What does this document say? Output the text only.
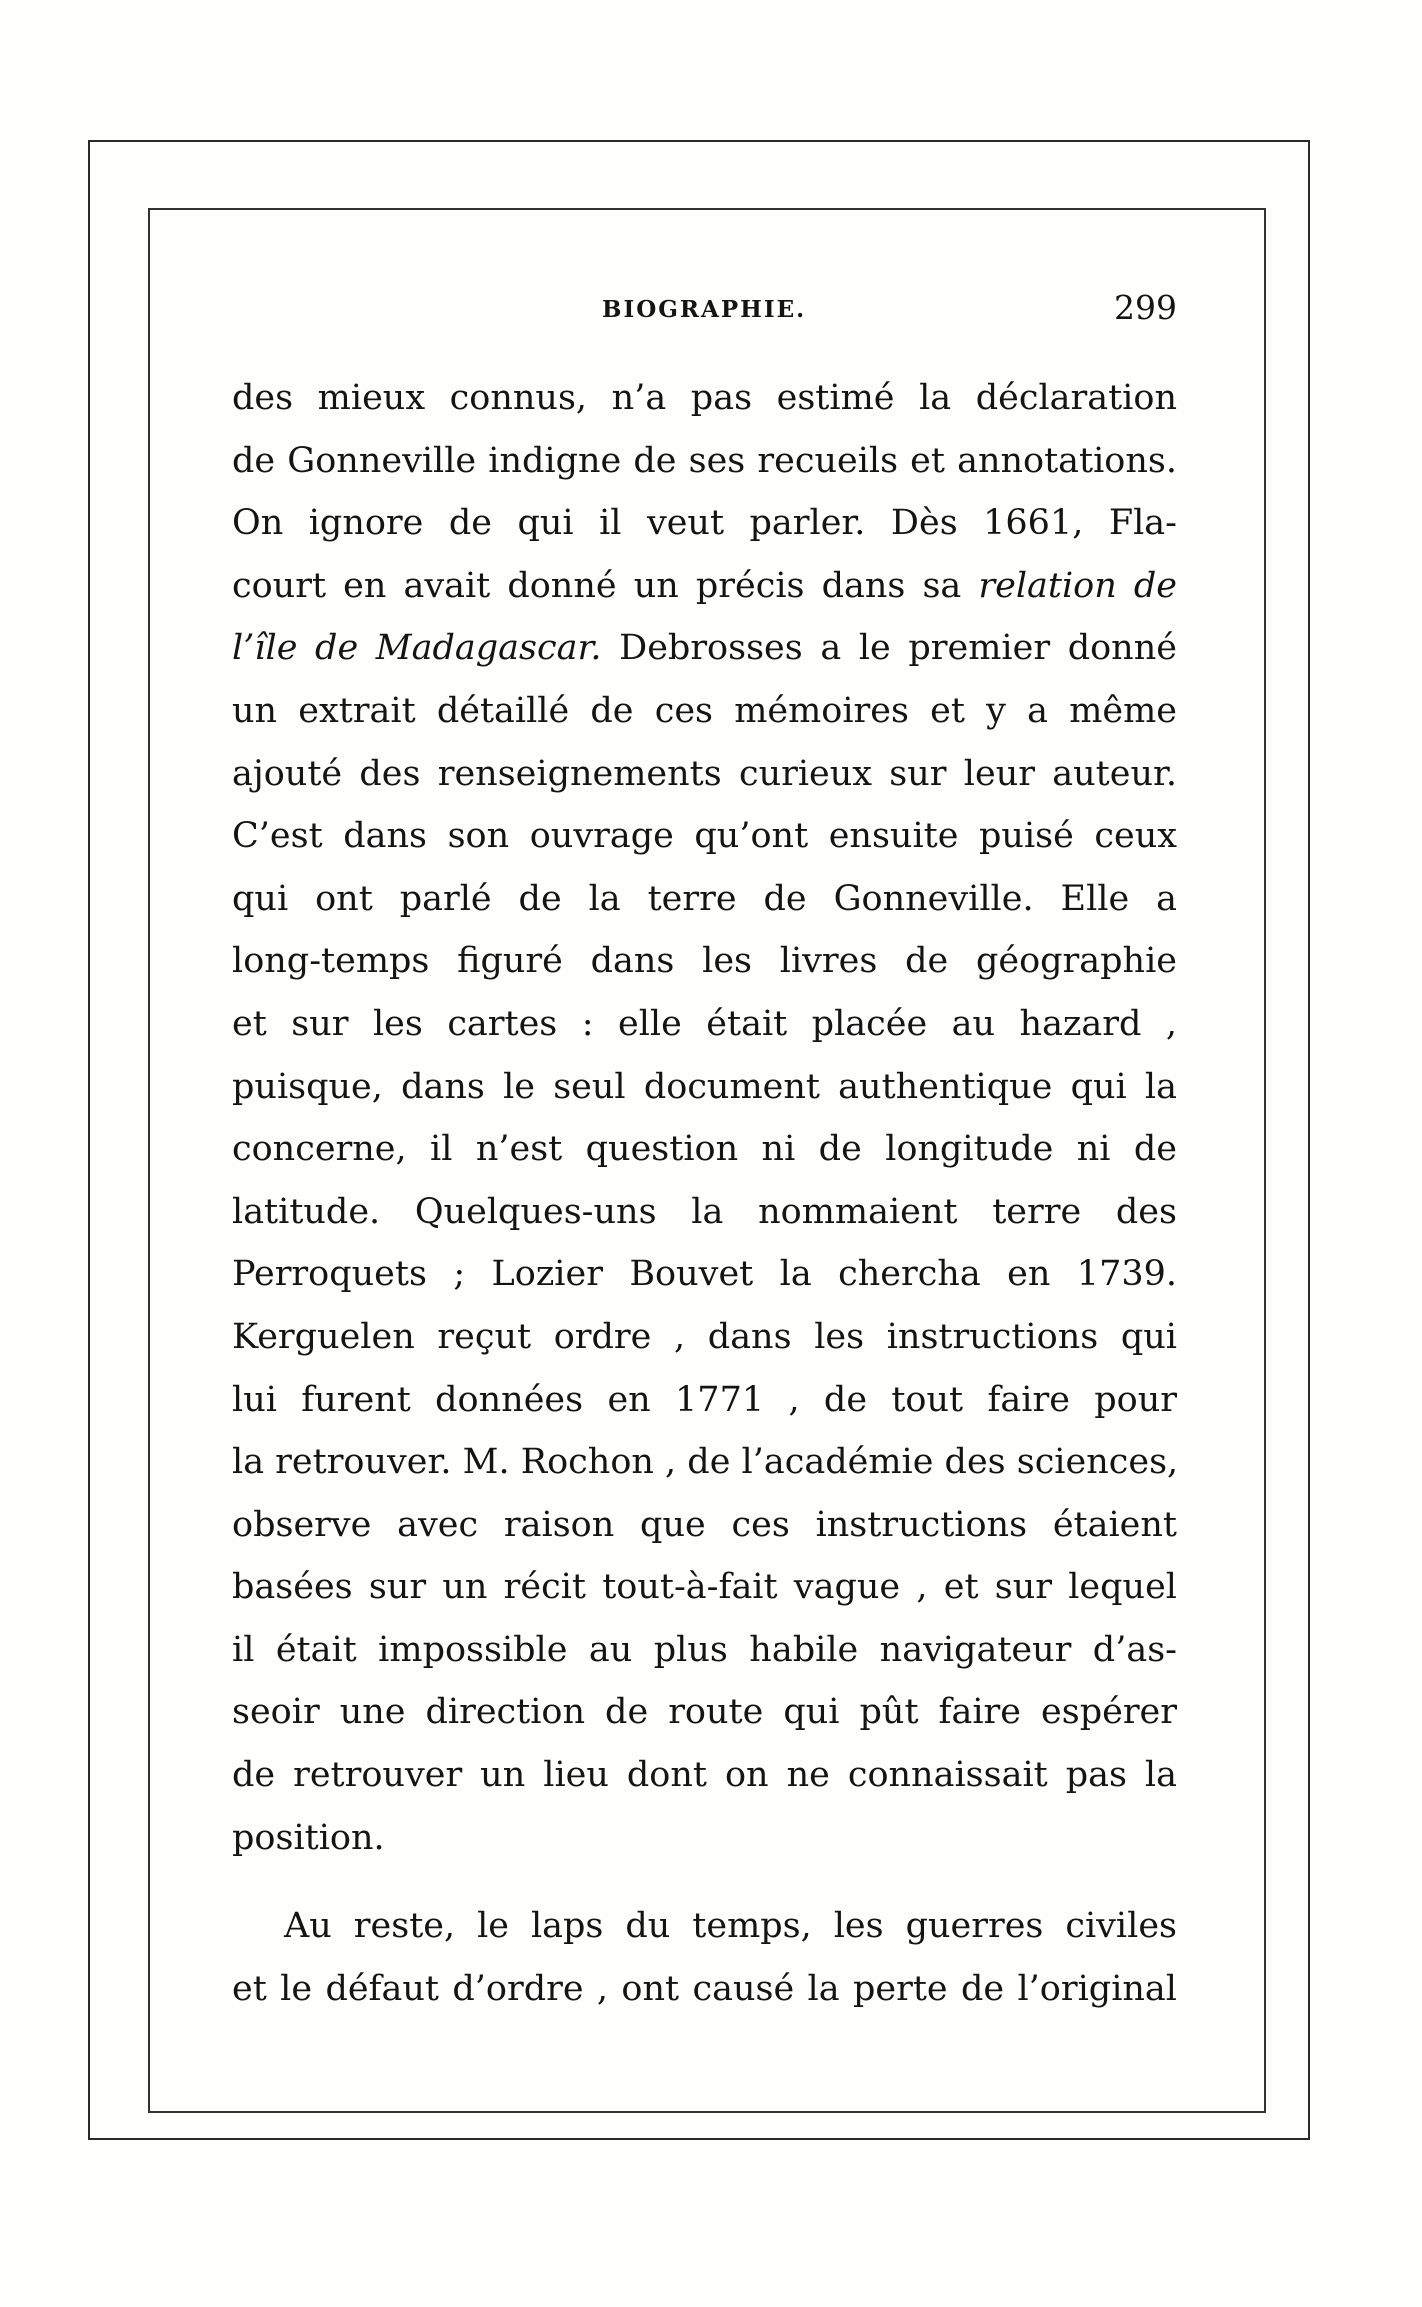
BIOGRAPHIE.	299
des mieux connus, n’a pas estimé la déclaration
de Gonneville indigne de ses recueils et annotations.
On ignore de qui il veut parler. Dès 1661, Fla-
court en avait donné un précis dans sa relation de
l’île de Madagascar. Debrosses a le premier donné
un extrait détaillé de ces mémoires et y a même
ajouté des renseignements curieux sur leur auteur.
C’est dans son ouvrage qu’ont ensuite puisé ceux
qui ont parlé de la terre de Gonneville. Elle a
long-temps figuré dans les livres de géographie
et sur les cartes : elle était placée au hazard ,
puisque, dans le seul document authentique qui la
concerne, il n’est question ni de longitude ni de
latitude. Quelques-uns la nommaient terre des
Perroquets ; Lozier Bouvet la chercha en 1739.
Kerguelen reçut ordre , dans les instructions qui
lui furent données en 1771 , de tout faire pour
la retrouver. M. Rochon , de l’académie des sciences,
observe avec raison que ces instructions étaient
basées sur un récit tout-à-fait vague , et sur lequel
il était impossible au plus habile navigateur d’as-
seoir une direction de route qui pût faire espérer
de retrouver un lieu dont on ne connaissait pas la
position.
Au reste, le laps du temps, les guerres civiles
et le défaut d’ordre , ont causé la perte de l’original
